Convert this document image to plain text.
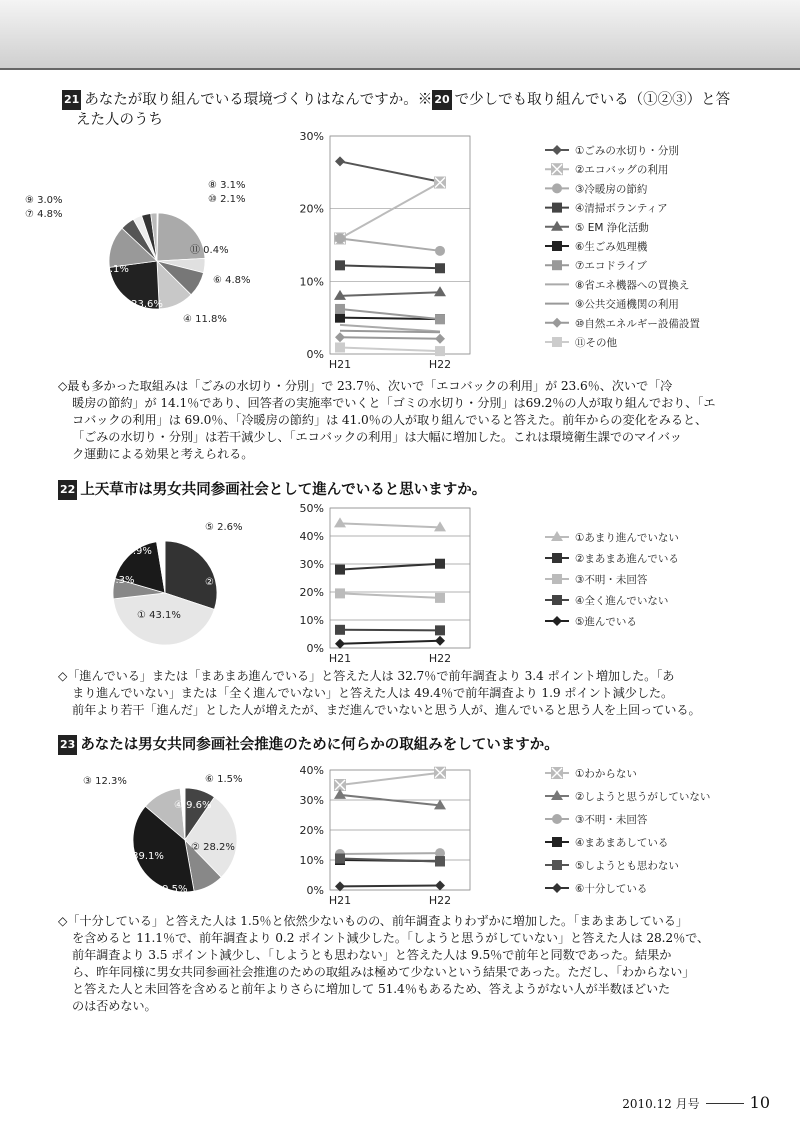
21 あなたが取り組んでいる環境づくりはなんですか。※ 20 で少しでも取り組んでいる（①②③）と答
えた人のうち
⑪ 0.4%
⑩ 23.7%
⑥ 4.8%
⑧ 8.5%
④ 11.8%
② 23.6%
③ 14.1%
⑦ 4.8%
⑨ 3.0%
⑧ 3.1%
⑩ 2.1%
0%
10%
20%
30%
H21	H22
①ごみの水切り・分別
②エコバッグの利用
③冷暖房の節約
④清掃ボランティア
⑤ EM 浄化活動
⑥生ごみ処理機
⑦エコドライブ
⑧省エネ機器への買換え
⑨公共交通機関の利用
⑩自然エネルギー設備設置
⑪その他
◇最も多かった取組みは「ごみの水切り・分別」で 23.7％、次いで「エコバックの利用」が 23.6％、次いで「冷
暖房の節約」が 14.1％であり、回答者の実施率でいくと「ゴミの水切り・分別」は69.2％の人が取り組んでおり、「エ
コバックの利用」は 69.0％、「冷暖房の節約」は 41.0％の人が取り組んでいると答えた。前年からの変化をみると、
「ごみの水切り・分別」は若干減少し、「エコバックの利用」は大幅に増加した。これは環境衛生課でのマイバッ
ク運動による効果と考えられる。
22 上天草市は男女共同参画社会として進んでいると思いますか。
② 30.1%
① 43.1%
④ 6.3%
③ 17.9%
⑤ 2.6%
0%
10%
20%
30%
40%
50%
H21	H22
①あまり進んでいない
②まあまあ進んでいる
③不明・未回答
④全く進んでいない
⑤進んでいる
◇「進んでいる」または「まあまあ進んでいる」と答えた人は 32.7％で前年調査より 3.4 ポイント増加した。「あ
まり進んでいない」または「全く進んでいない」と答えた人は 49.4％で前年調査より 1.9 ポイント減少した。
前年より若干「進んだ」とした人が増えたが、まだ進んでいないと思う人が、進んでいると思う人を上回っている。
23 あなたは男女共同参画社会推進のために何らかの取組みをしていますか。
④ 9.6%
② 28.2%
⑤ 9.5%
① 39.1%
③ 12.3%	⑥ 1.5%
0%
10%
20%
30%
40%
H21	H22
①わからない
②しようと思うがしていない
③不明・未回答
④まあまあしている
⑤しようとも思わない
⑥十分している
◇「十分している」と答えた人は 1.5％と依然少ないものの、前年調査よりわずかに増加した。「まあまあしている」
を含めると 11.1％で、前年調査より 0.2 ポイント減少した。「しようと思うがしていない」と答えた人は 28.2％で、
前年調査より 3.5 ポイント減少し、「しようとも思わない」と答えた人は 9.5％で前年と同数であった。結果か
ら、昨年同様に男女共同参画社会推進のための取組みは極めて少ないという結果であった。ただし、「わからない」
と答えた人と未回答を含めると前年よりさらに増加して 51.4％もあるため、答えようがない人が半数ほどいた
のは否めない。
2010.12 月号	10
